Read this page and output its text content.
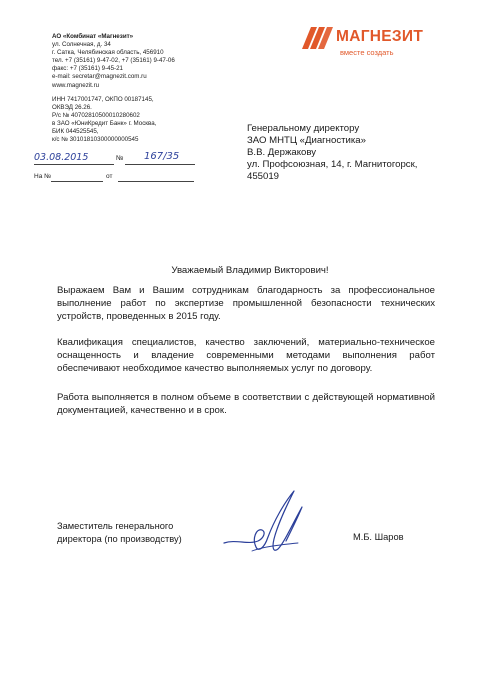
АО «Комбинат «Магнезит»
ул. Солнечная, д. 34
г. Сатка, Челябинская область, 456910
тел. +7 (35161) 9-47-02, +7 (35161) 9-47-06
факс: +7 (35161) 9-45-21
e-mail: secretar@magnezit.com.ru
www.magnezit.ru
ИНН 7417001747, ОКПО 00187145,
ОКВЭД 26.26.
Р/с № 40702810500010280602
в ЗАО «ЮниКредит Банк» г. Москва,
БИК 044525545,
к/с № 30101810300000000545
МАГНЕЗИТ
вместе создать
Генеральному директору
ЗАО МНТЦ «Диагностика»
В.В. Держакову
ул. Профсоюзная, 14, г. Магнитогорск,
455019
03.08.2015	№ 167/35
На №	от
Уважаемый Владимир Викторович!
Выражаем Вам и Вашим сотрудникам благодарность за профессиональное выполнение работ по экспертизе промышленной безопасности технических устройств, проведенных в 2015 году.
Квалификация специалистов, качество заключений, материально-техническое оснащенность и владение современными методами выполнения работ обеспечивают необходимое качество выполняемых услуг по договору.
Работа выполняется в полном объеме в соответствии с действующей нормативной документацией, качественно и в срок.
Заместитель генерального
директора (по производству)	М.Б. Шаров
